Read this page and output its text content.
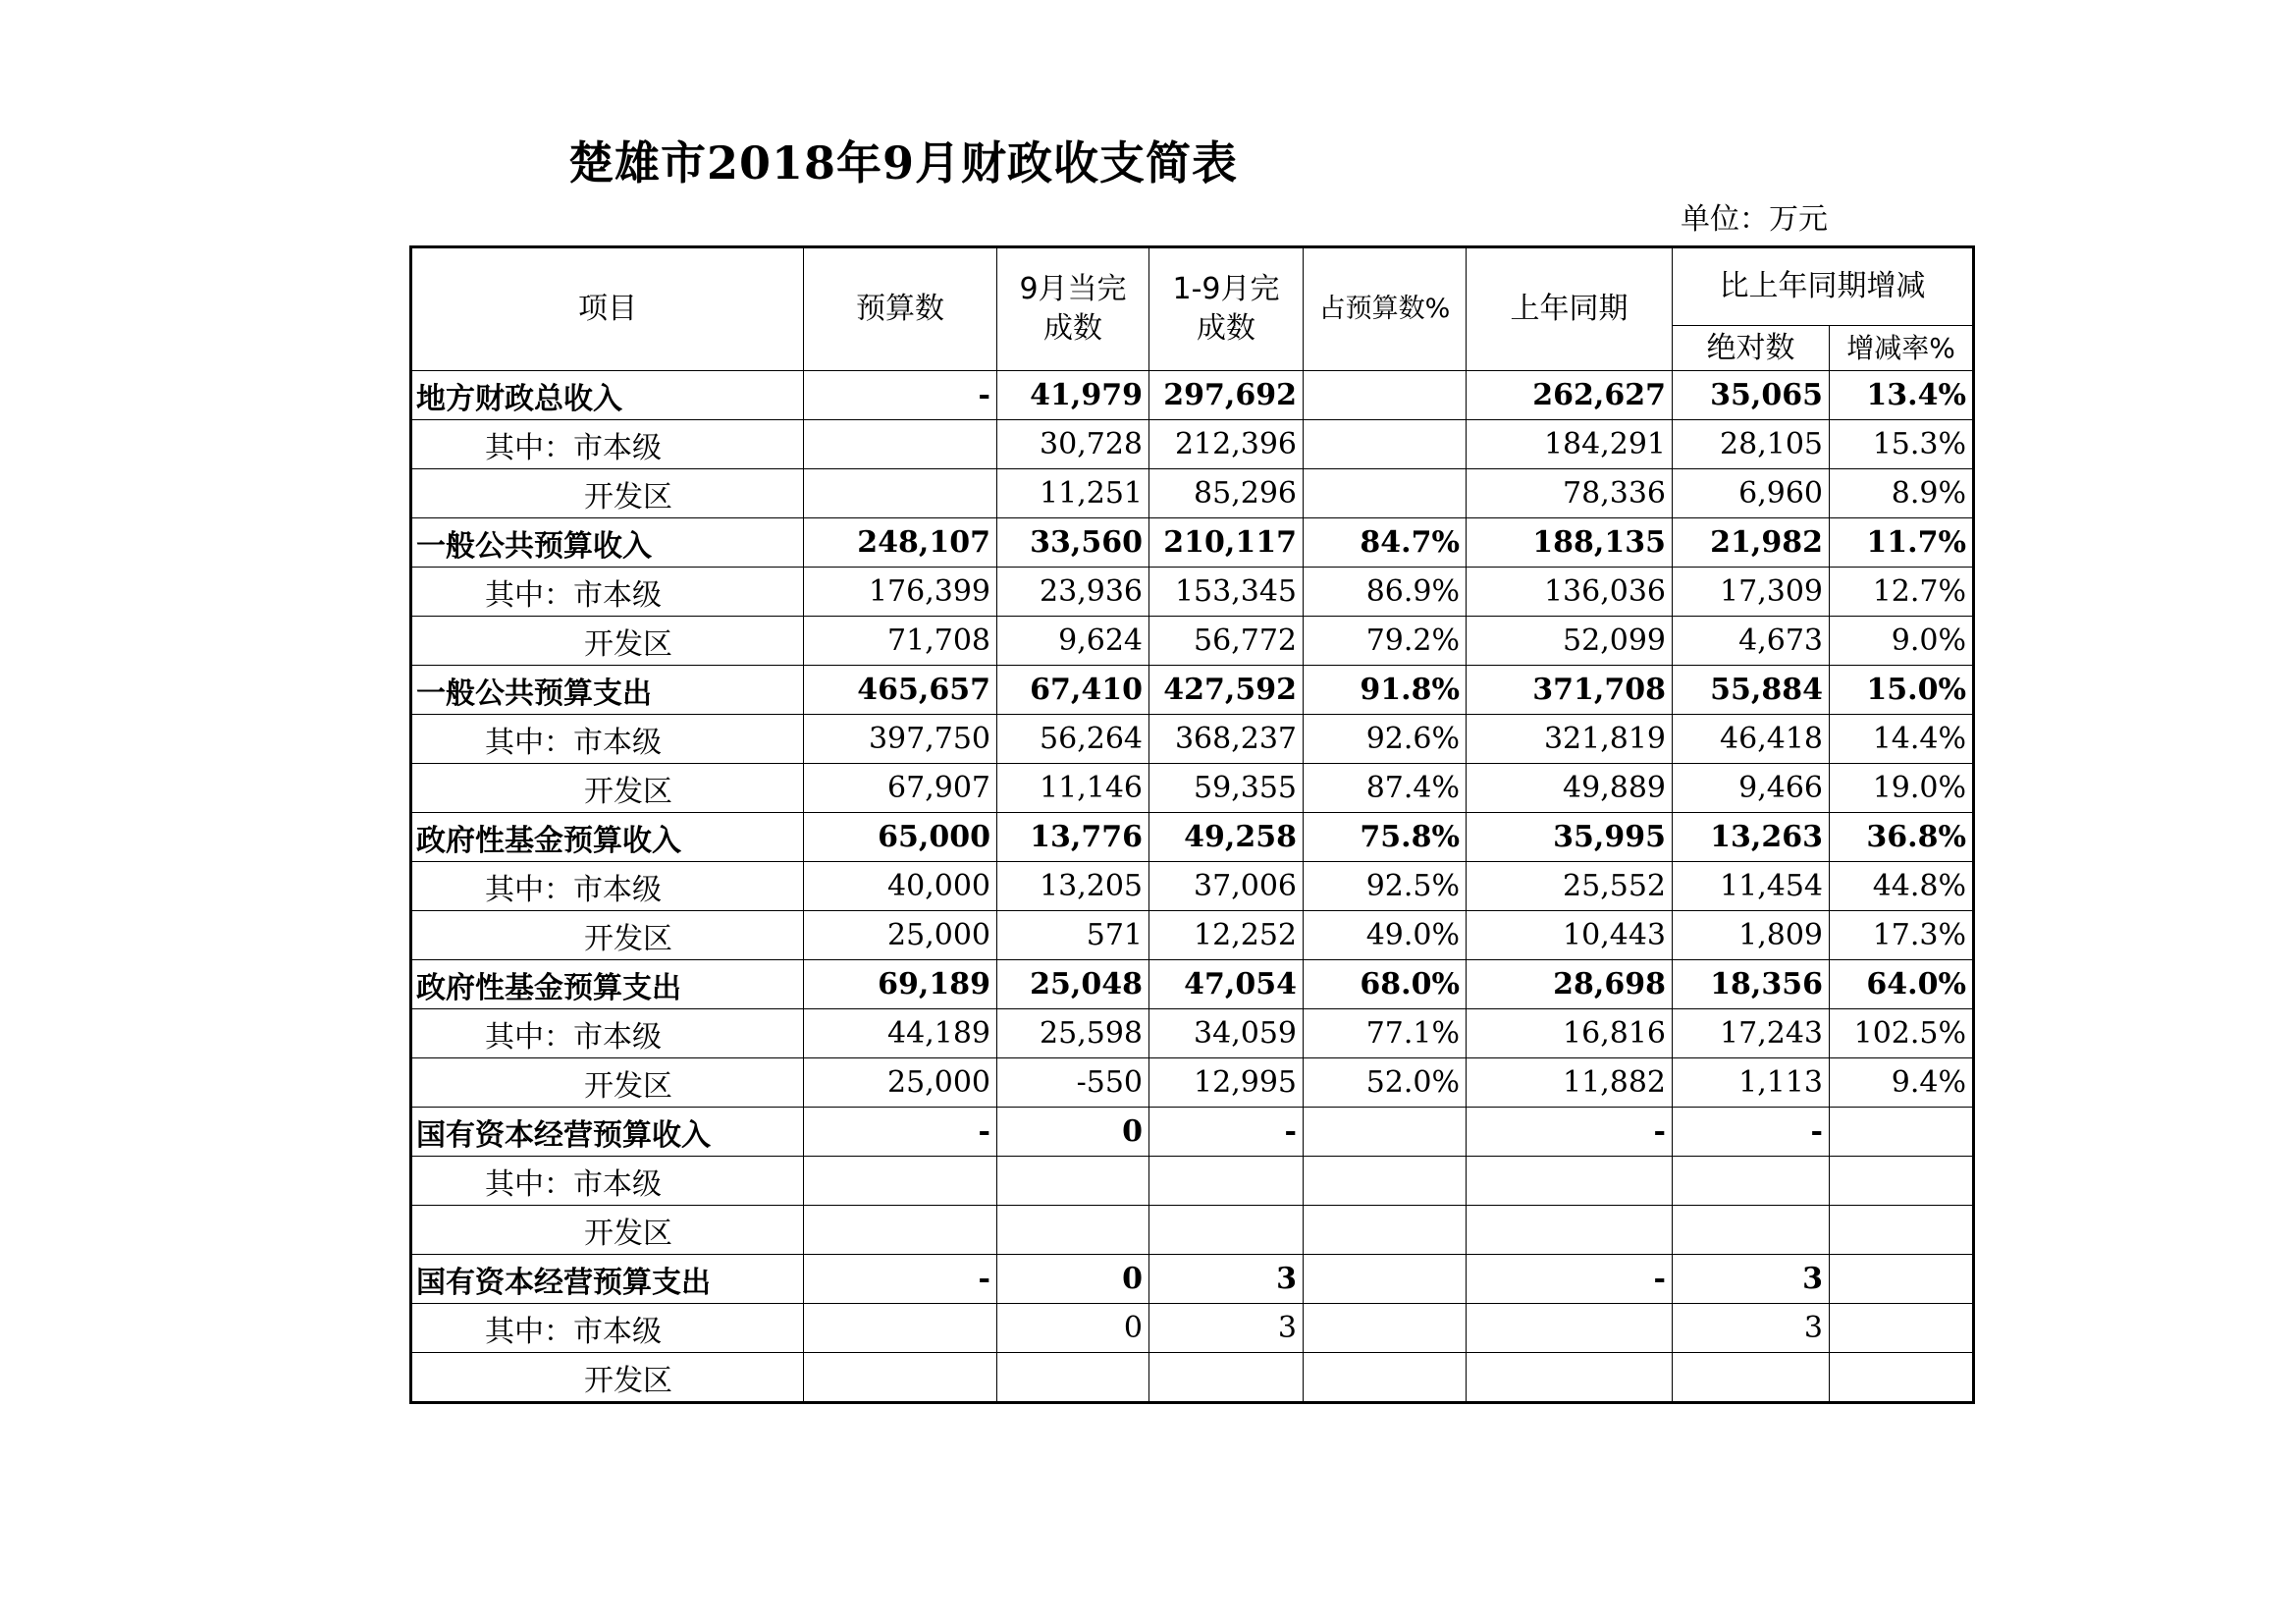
楚雄市2018年9月财政收支简表
单位：万元
项目	预算数	9月当完成数	1-9月完成数	占预算数%	上年同期	比上年同期增减	
						绝对数	增减率%
地方财政总收入	-	41,979	297,692		262,627	35,065	13.4%
其中：市本级		30,728	212,396		184,291	28,105	15.3%
开发区		11,251	85,296		78,336	6,960	8.9%
一般公共预算收入	248,107	33,560	210,117	84.7%	188,135	21,982	11.7%
其中：市本级	176,399	23,936	153,345	86.9%	136,036	17,309	12.7%
开发区	71,708	9,624	56,772	79.2%	52,099	4,673	9.0%
一般公共预算支出	465,657	67,410	427,592	91.8%	371,708	55,884	15.0%
其中：市本级	397,750	56,264	368,237	92.6%	321,819	46,418	14.4%
开发区	67,907	11,146	59,355	87.4%	49,889	9,466	19.0%
政府性基金预算收入	65,000	13,776	49,258	75.8%	35,995	13,263	36.8%
其中：市本级	40,000	13,205	37,006	92.5%	25,552	11,454	44.8%
开发区	25,000	571	12,252	49.0%	10,443	1,809	17.3%
政府性基金预算支出	69,189	25,048	47,054	68.0%	28,698	18,356	64.0%
其中：市本级	44,189	25,598	34,059	77.1%	16,816	17,243	102.5%
开发区	25,000	-550	12,995	52.0%	11,882	1,113	9.4%
国有资本经营预算收入	-	0	-		-	-	
其中：市本级							
开发区							
国有资本经营预算支出	-	0	3		-	3	
其中：市本级		0	3			3	
开发区							
